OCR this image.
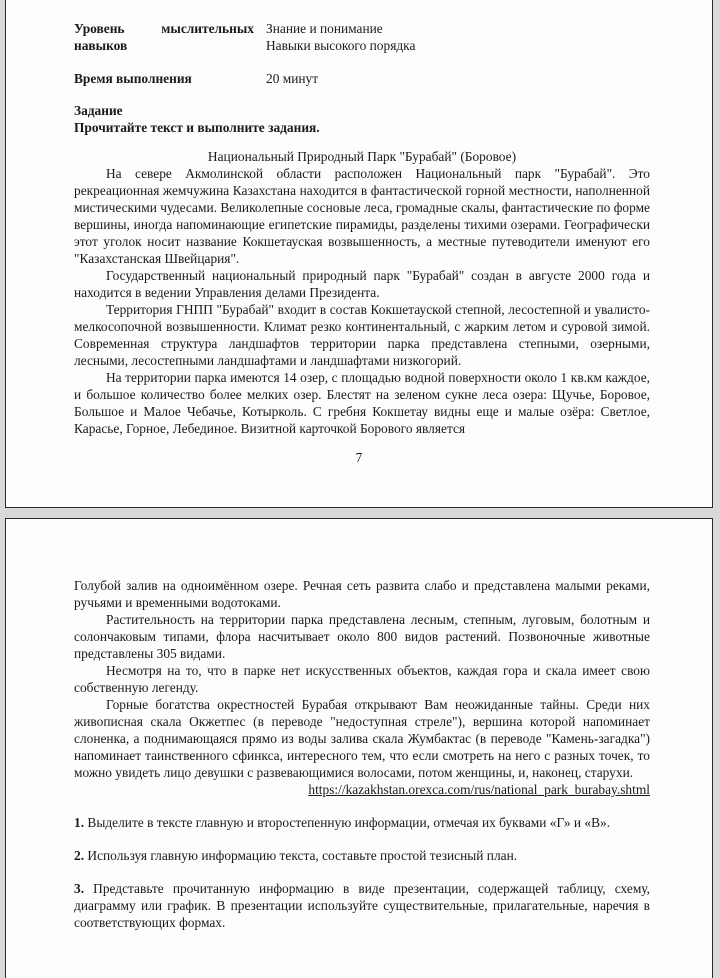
Уровень мыслительных навыков
Знание и понимание
Навыки высокого порядка
Время выполнения	20 минут
Задание
Прочитайте текст и выполните задания.
Национальный Природный Парк "Бурабай" (Боровое)

На севере Акмолинской области расположен Национальный парк "Бурабай". Это рекреационная жемчужина Казахстана находится в фантастической горной местности, наполненной мистическими чудесами. Великолепные сосновые леса, громадные скалы, фантастические по форме вершины, иногда напоминающие египетские пирамиды, разделены тихими озерами. Географически этот уголок носит название Кокшетауская возвышенность, а местные путеводители именуют его "Казахстанская Швейцария".

Государственный национальный природный парк "Бурабай" создан в августе 2000 года и находится в ведении Управления делами Президента.

Территория ГНПП "Бурабай" входит в состав Кокшетауской степной, лесостепной и увалисто-мелкосопочной возвышенности. Климат резко континентальный, с жарким летом и суровой зимой. Современная структура ландшафтов территории парка представлена степными, озерными, лесными, лесостепными ландшафтами и ландшафтами низкогорий.

На территории парка имеются 14 озер, с площадью водной поверхности около 1 кв.км каждое, и большое количество более мелких озер. Блестят на зеленом сукне леса озера: Щучье, Боровое, Большое и Малое Чебачье, Котырколь. С гребня Кокшетау видны еще и малые озёра: Светлое, Карасье, Горное, Лебединое. Визитной карточкой Борового является

7

Голубой залив на одноимённом озере. Речная сеть развита слабо и представлена малыми реками, ручьями и временными водотоками.

Растительность на территории парка представлена лесным, степным, луговым, болотным и солончаковым типами, флора насчитывает около 800 видов растений. Позвоночные животные представлены 305 видами.

Несмотря на то, что в парке нет искусственных объектов, каждая гора и скала имеет свою собственную легенду.

Горные богатства окрестностей Бурабая открывают Вам неожиданные тайны. Среди них живописная скала Окжетпес (в переводе "недоступная стреле"), вершина которой напоминает слоненка, а поднимающаяся прямо из воды залива скала Жумбактас (в переводе "Камень-загадка") напоминает таинственного сфинкса, интересного тем, что если смотреть на него с разных точек, то можно увидеть лицо девушки с развевающимися волосами, потом женщины, и, наконец, старухи.

https://kazakhstan.orexca.com/rus/national_park_burabay.shtml

1. Выделите в тексте главную и второстепенную информации, отмечая их буквами «Г» и «В».

2. Используя главную информацию текста, составьте простой тезисный план.

3. Представьте прочитанную информацию в виде презентации, содержащей таблицу, схему, диаграмму или график. В презентации используйте существительные, прилагательные, наречия в соответствующих формах.
